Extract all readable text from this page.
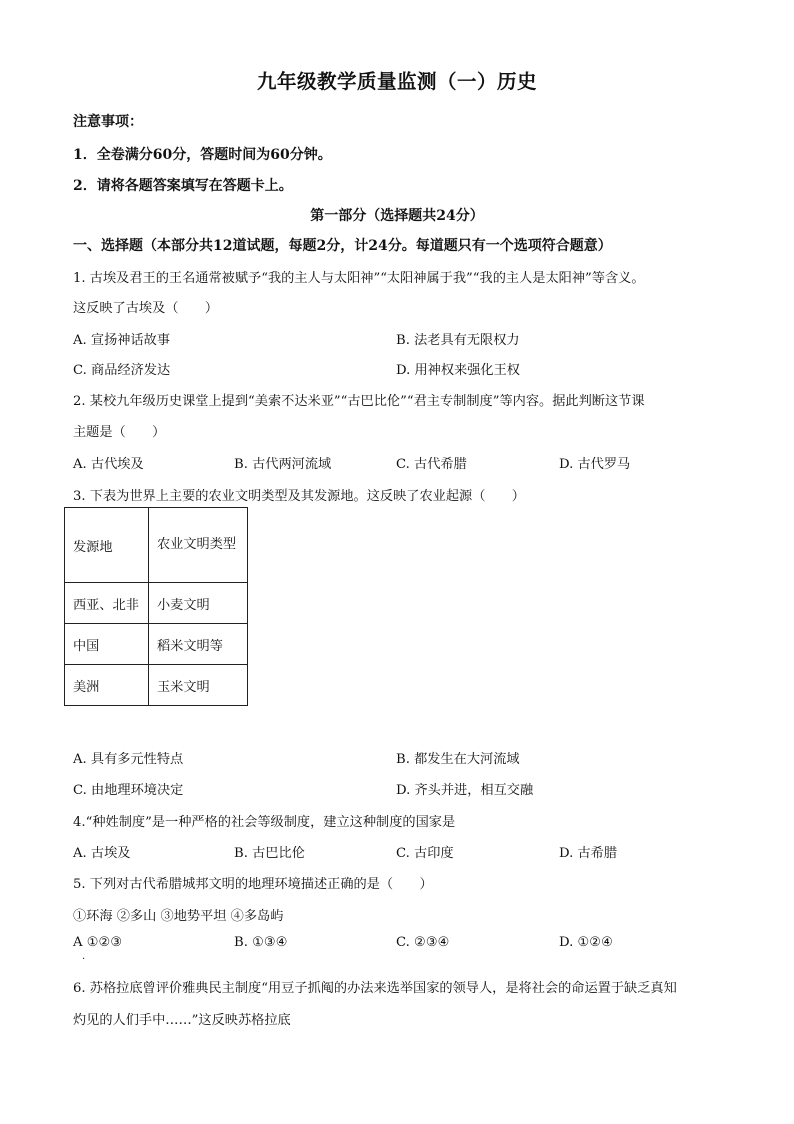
九年级教学质量监测（一）历史
注意事项：
1．全卷满分60分，答题时间为60分钟。
2．请将各题答案填写在答题卡上。
第一部分（选择题共24分）
一、选择题（本部分共12道试题，每题2分，计24分。每道题只有一个选项符合题意）
1. 古埃及君王的王名通常被赋予“我的主人与太阳神”“太阳神属于我”“我的主人是太阳神”等含义。
这反映了古埃及（　　）
A. 宣扬神话故事	B. 法老具有无限权力
C. 商品经济发达	D. 用神权来强化王权
2. 某校九年级历史课堂上提到“美索不达米亚”“古巴比伦”“君主专制制度”等内容。据此判断这节课
主题是（　　）
A. 古代埃及	B. 古代两河流域	C. 古代希腊	D. 古代罗马
3. 下表为世界上主要的农业文明类型及其发源地。这反映了农业起源（　　）
发源地	农业文明类型
西亚、北非	小麦文明
中国	稻米文明等
美洲	玉米文明
A. 具有多元性特点	B. 都发生在大河流域
C. 由地理环境决定	D. 齐头并进，相互交融
4.“种姓制度”是一种严格的社会等级制度，建立这种制度的国家是
A. 古埃及	B. 古巴比伦	C. 古印度	D. 古希腊
5. 下列对古代希腊城邦文明的地理环境描述正确的是（　　）
①环海 ②多山 ③地势平坦 ④多岛屿
A ①②③
.
B. ①③④	C. ②③④	D. ①②④
6. 苏格拉底曾评价雅典民主制度“用豆子抓阄的办法来选举国家的领导人，是将社会的命运置于缺乏真知
灼见的人们手中……”这反映苏格拉底
